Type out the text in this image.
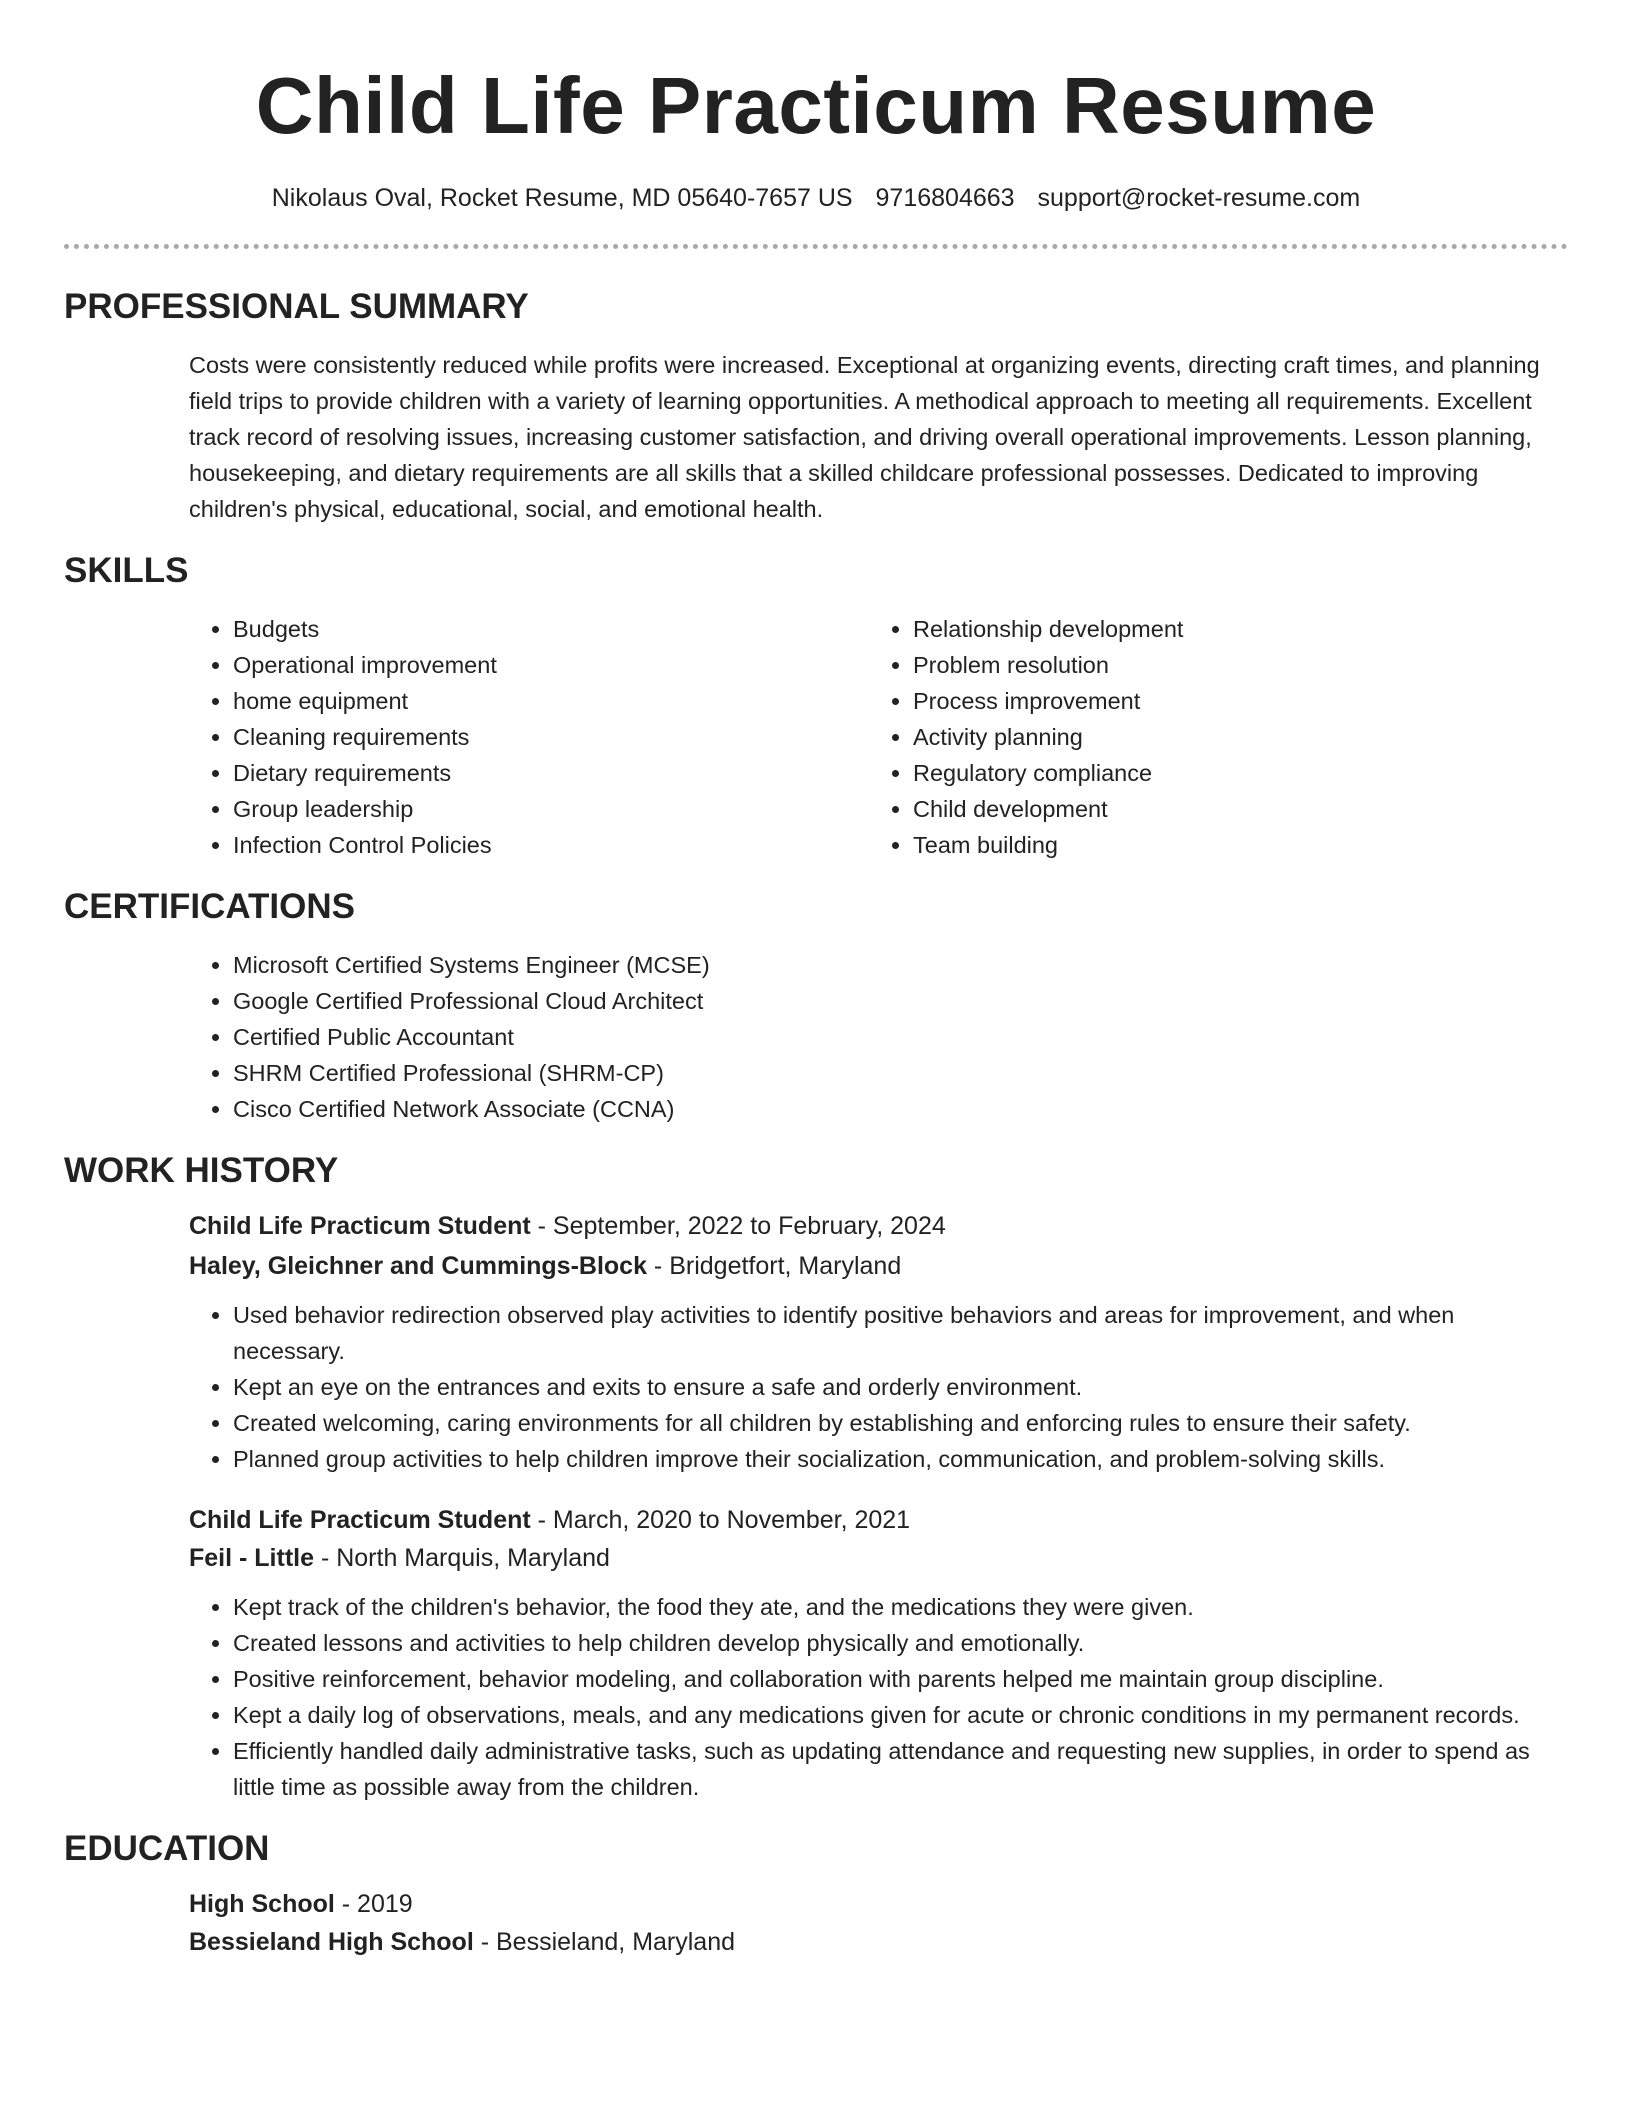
Child Life Practicum Resume
Nikolaus Oval, Rocket Resume, MD 05640-7657 US 9716804663 support@rocket-resume.com
PROFESSIONAL SUMMARY

Costs were consistently reduced while profits were increased. Exceptional at organizing events, directing craft times, and planning field trips to provide children with a variety of learning opportunities. A methodical approach to meeting all requirements. Excellent track record of resolving issues, increasing customer satisfaction, and driving overall operational improvements. Lesson planning, housekeeping, and dietary requirements are all skills that a skilled childcare professional possesses. Dedicated to improving children's physical, educational, social, and emotional health.

SKILLS
• Budgets
• Operational improvement
• home equipment
• Cleaning requirements
• Dietary requirements
• Group leadership
• Infection Control Policies
• Relationship development
• Problem resolution
• Process improvement
• Activity planning
• Regulatory compliance
• Child development
• Team building
CERTIFICATIONS
• Microsoft Certified Systems Engineer (MCSE)
• Google Certified Professional Cloud Architect
• Certified Public Accountant
• SHRM Certified Professional (SHRM-CP)
• Cisco Certified Network Associate (CCNA)
WORK HISTORY
Child Life Practicum Student - September, 2022 to February, 2024
Haley, Gleichner and Cummings-Block - Bridgetfort, Maryland
• Used behavior redirection observed play activities to identify positive behaviors and areas for improvement, and when necessary.
• Kept an eye on the entrances and exits to ensure a safe and orderly environment.
• Created welcoming, caring environments for all children by establishing and enforcing rules to ensure their safety.
• Planned group activities to help children improve their socialization, communication, and problem-solving skills.
Child Life Practicum Student - March, 2020 to November, 2021
Feil - Little - North Marquis, Maryland
• Kept track of the children's behavior, the food they ate, and the medications they were given.
• Created lessons and activities to help children develop physically and emotionally.
• Positive reinforcement, behavior modeling, and collaboration with parents helped me maintain group discipline.
• Kept a daily log of observations, meals, and any medications given for acute or chronic conditions in my permanent records.
• Efficiently handled daily administrative tasks, such as updating attendance and requesting new supplies, in order to spend as little time as possible away from the children.
EDUCATION
High School - 2019
Bessieland High School - Bessieland, Maryland
